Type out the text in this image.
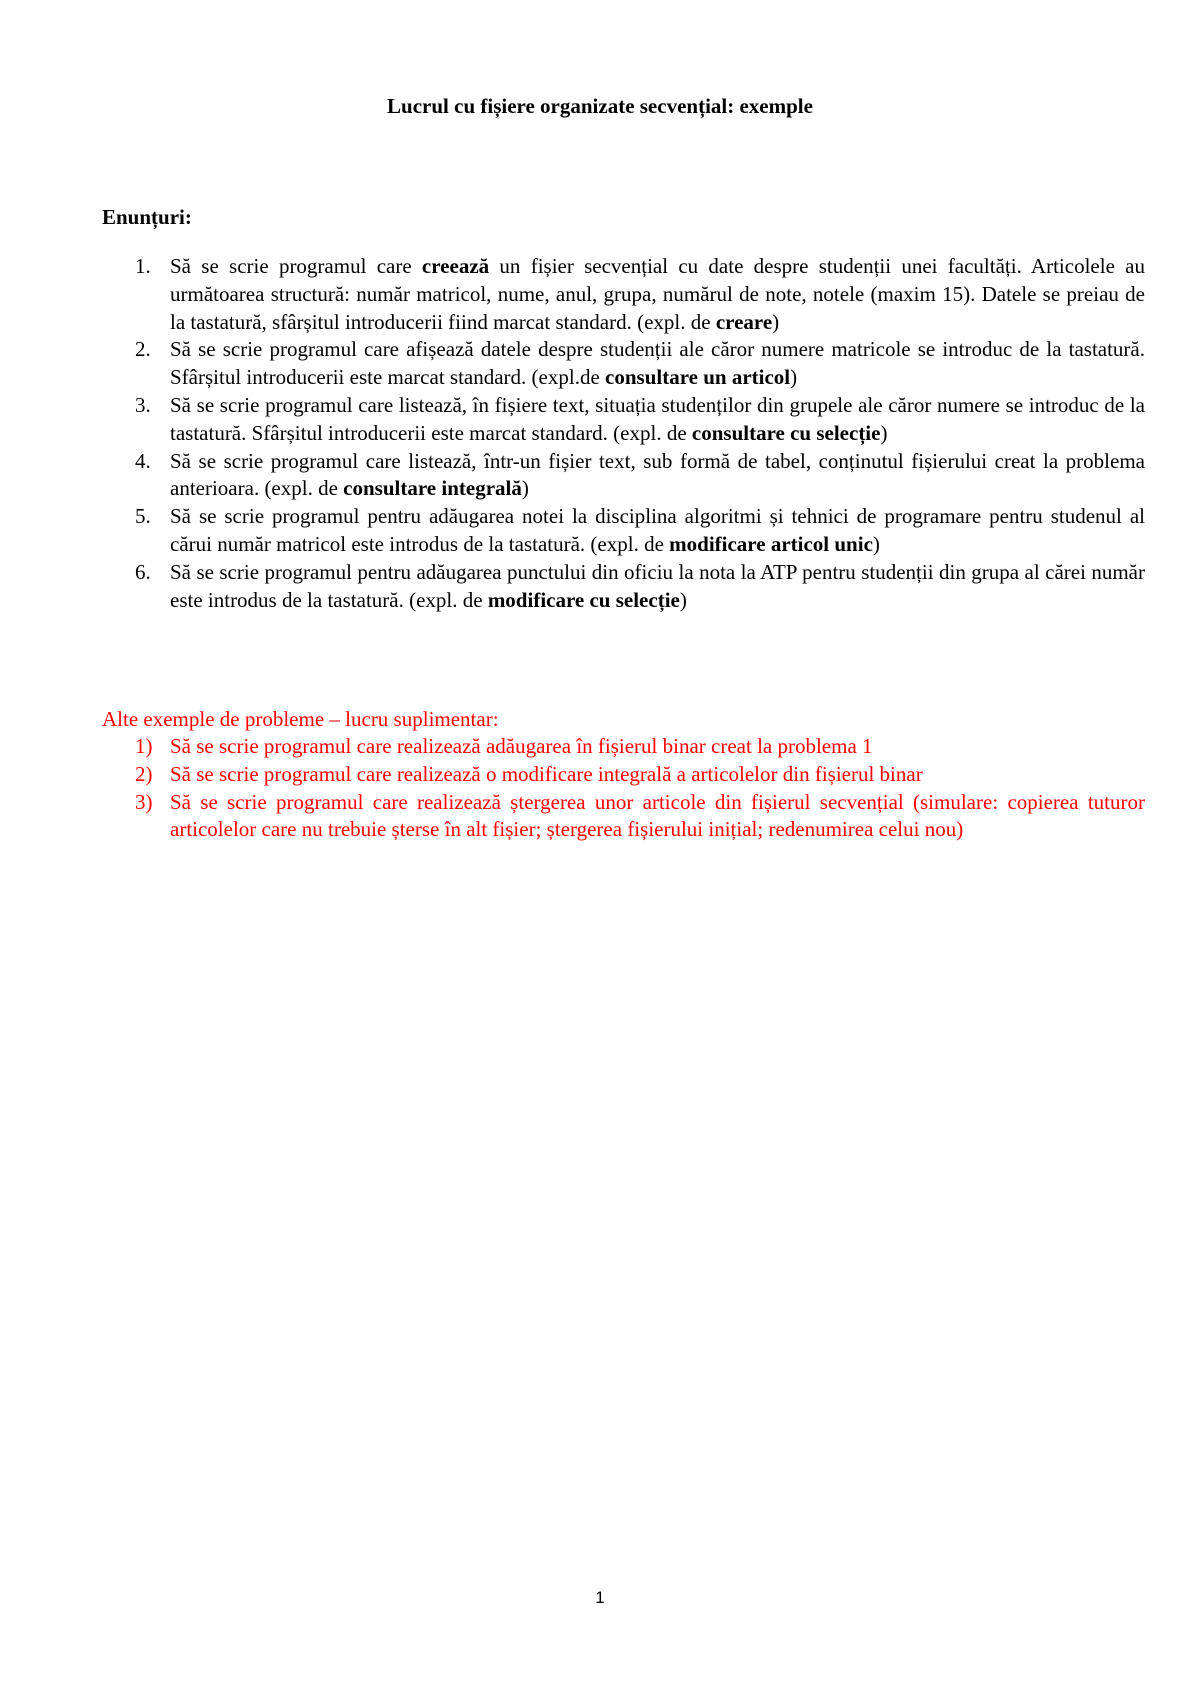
Lucrul cu fișiere organizate secvențial: exemple
Enunțuri:
1. Să se scrie programul care creează un fișier secvențial cu date despre studenții unei facultăți. Articolele au următoarea structură: număr matricol, nume, anul, grupa, numărul de note, notele (maxim 15). Datele se preiau de la tastatură, sfârșitul introducerii fiind marcat standard. (expl. de creare)
2. Să se scrie programul care afișează datele despre studenții ale căror numere matricole se introduc de la tastatură. Sfârșitul introducerii este marcat standard. (expl.de consultare un articol)
3. Să se scrie programul care listează, în fișiere text, situația studenților din grupele ale căror numere se introduc de la tastatură. Sfârșitul introducerii este marcat standard. (expl. de consultare cu selecție)
4. Să se scrie programul care listează, într-un fișier text, sub formă de tabel, conținutul fișierului creat la problema anterioara. (expl. de consultare integrală)
5. Să se scrie programul pentru adăugarea notei la disciplina algoritmi și tehnici de programare pentru studenul al cărui număr matricol este introdus de la tastatură. (expl. de modificare articol unic)
6. Să se scrie programul pentru adăugarea punctului din oficiu la nota la ATP pentru studenții din grupa al cărei număr este introdus de la tastatură. (expl. de modificare cu selecție)
Alte exemple de probleme – lucru suplimentar:
1) Să se scrie programul care realizează adăugarea în fișierul binar creat la problema 1
2) Să se scrie programul care realizează o modificare integrală a articolelor din fișierul binar
3) Să se scrie programul care realizează ștergerea unor articole din fișierul secvențial (simulare: copierea tuturor articolelor care nu trebuie șterse în alt fișier; ștergerea fișierului inițial; redenumirea celui nou)
1
